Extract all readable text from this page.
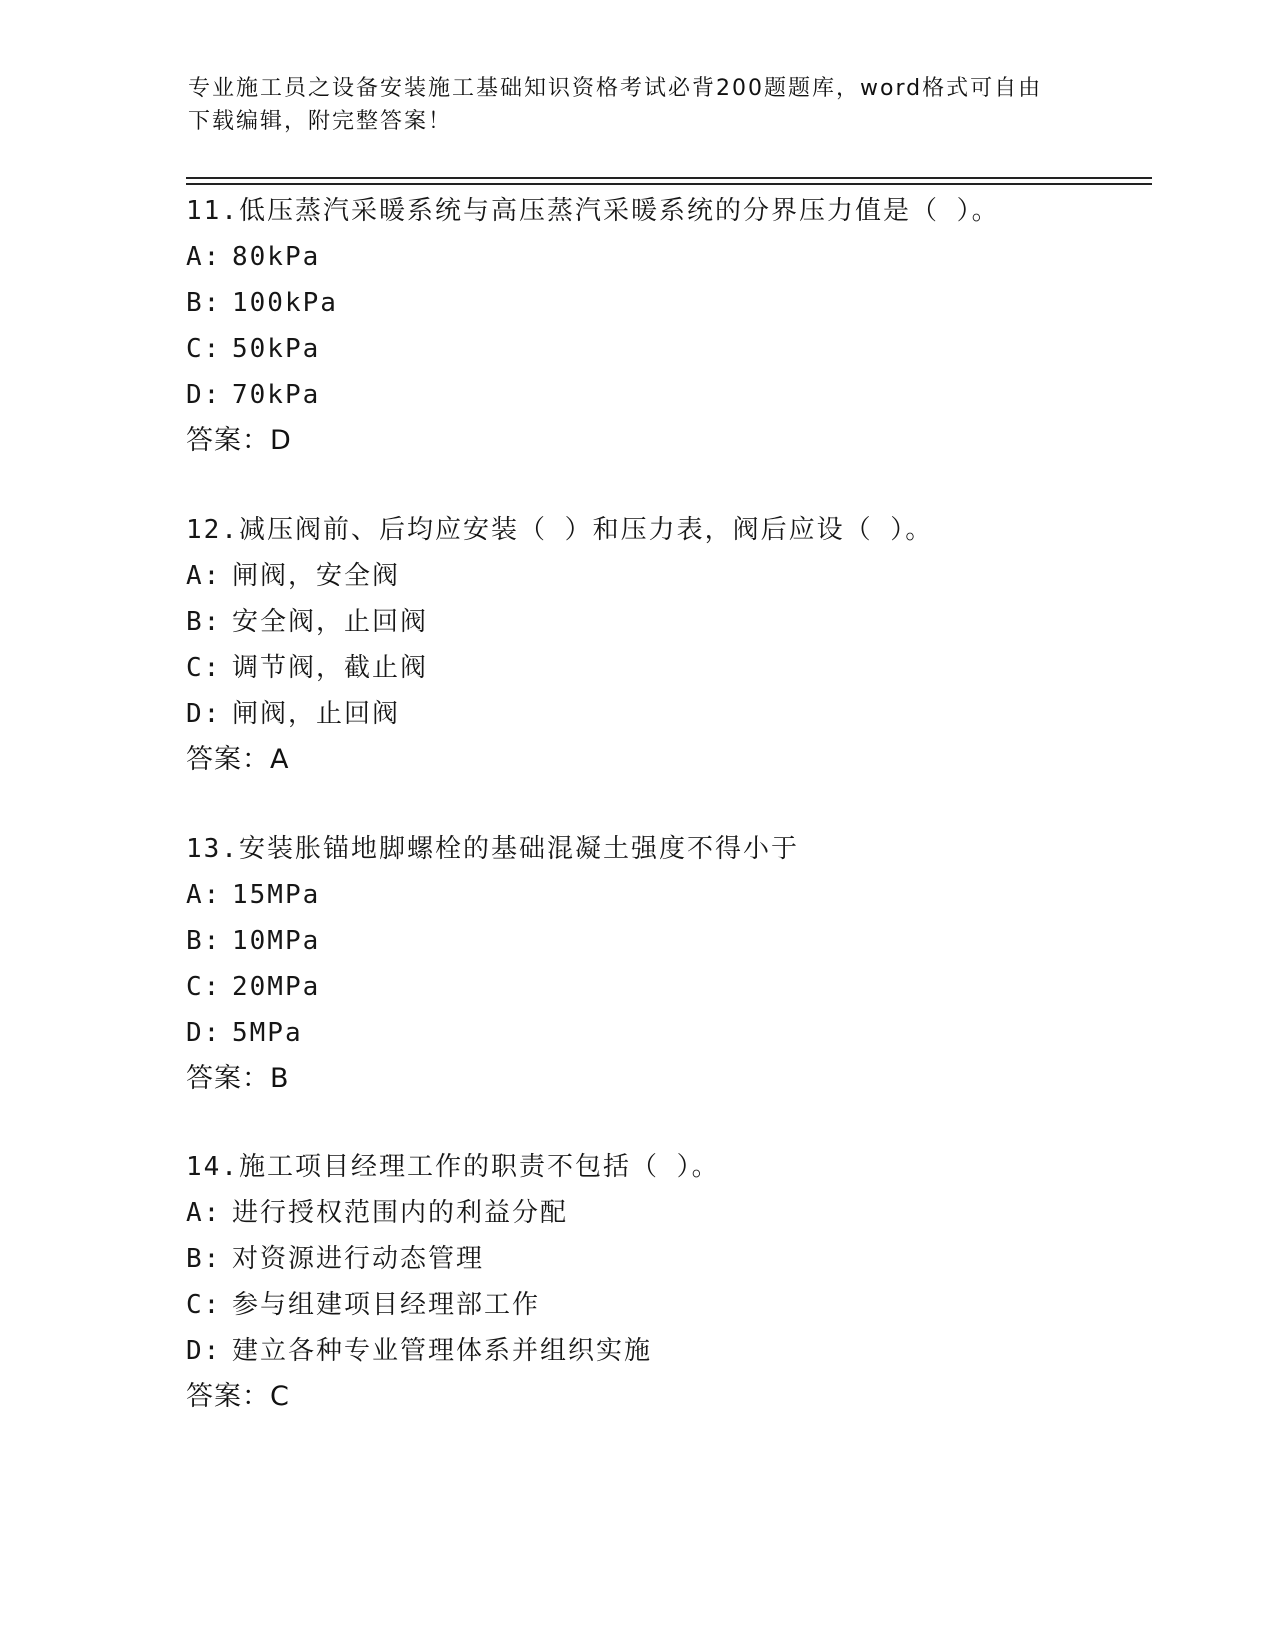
专业施工员之设备安装施工基础知识资格考试必背200题题库，word格式可自由
下载编辑，附完整答案！
11.低压蒸汽采暖系统与高压蒸汽采暖系统的分界压力值是（ ）。
A: 80kPa
B: 100kPa
C: 50kPa
D: 70kPa
答案：D
12.减压阀前、后均应安装（ ）和压力表，阀后应设（ ）。
A: 闸阀，安全阀
B: 安全阀，止回阀
C: 调节阀，截止阀
D: 闸阀，止回阀
答案：A
13.安装胀锚地脚螺栓的基础混凝土强度不得小于
A: 15MPa
B: 10MPa
C: 20MPa
D: 5MPa
答案：B
14.施工项目经理工作的职责不包括（ ）。
A: 进行授权范围内的利益分配
B: 对资源进行动态管理
C: 参与组建项目经理部工作
D: 建立各种专业管理体系并组织实施
答案：C
